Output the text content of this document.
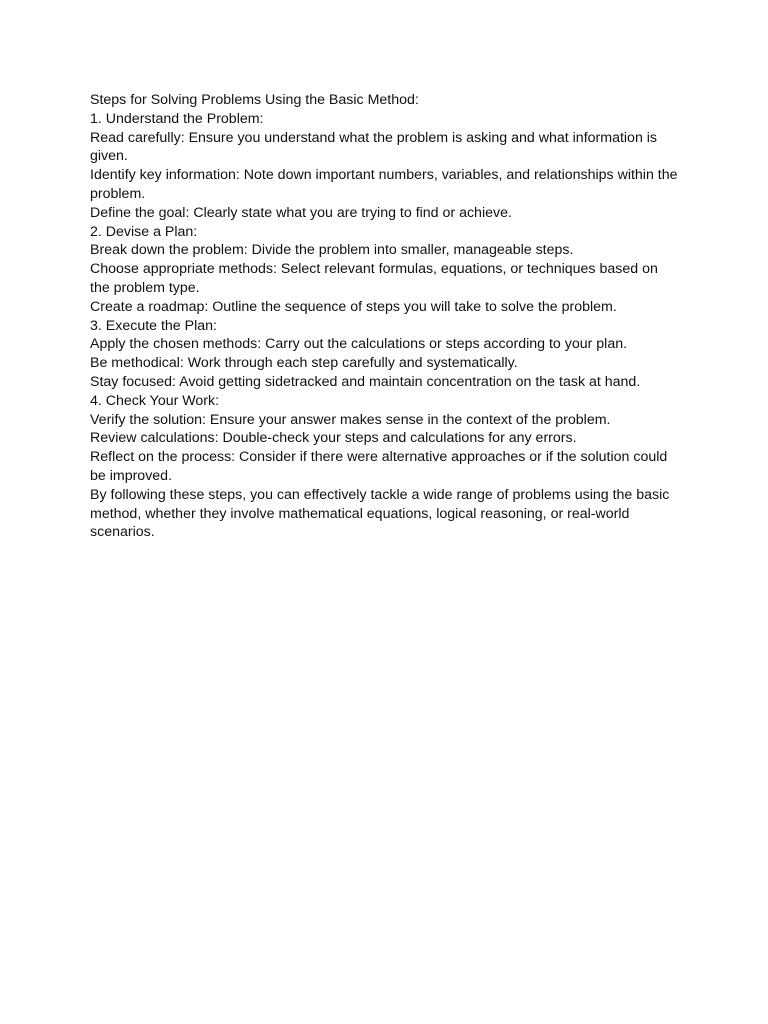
Steps for Solving Problems Using the Basic Method:

1. Understand the Problem:

Read carefully: Ensure you understand what the problem is asking and what information is given.

Identify key information: Note down important numbers, variables, and relationships within the problem.

Define the goal: Clearly state what you are trying to find or achieve.

2. Devise a Plan:

Break down the problem: Divide the problem into smaller, manageable steps.

Choose appropriate methods: Select relevant formulas, equations, or techniques based on the problem type.

Create a roadmap: Outline the sequence of steps you will take to solve the problem.

3. Execute the Plan:

Apply the chosen methods: Carry out the calculations or steps according to your plan.

Be methodical: Work through each step carefully and systematically.

Stay focused: Avoid getting sidetracked and maintain concentration on the task at hand.

4. Check Your Work:

Verify the solution: Ensure your answer makes sense in the context of the problem.

Review calculations: Double-check your steps and calculations for any errors.

Reflect on the process: Consider if there were alternative approaches or if the solution could be improved.

By following these steps, you can effectively tackle a wide range of problems using the basic method, whether they involve mathematical equations, logical reasoning, or real-world scenarios.
